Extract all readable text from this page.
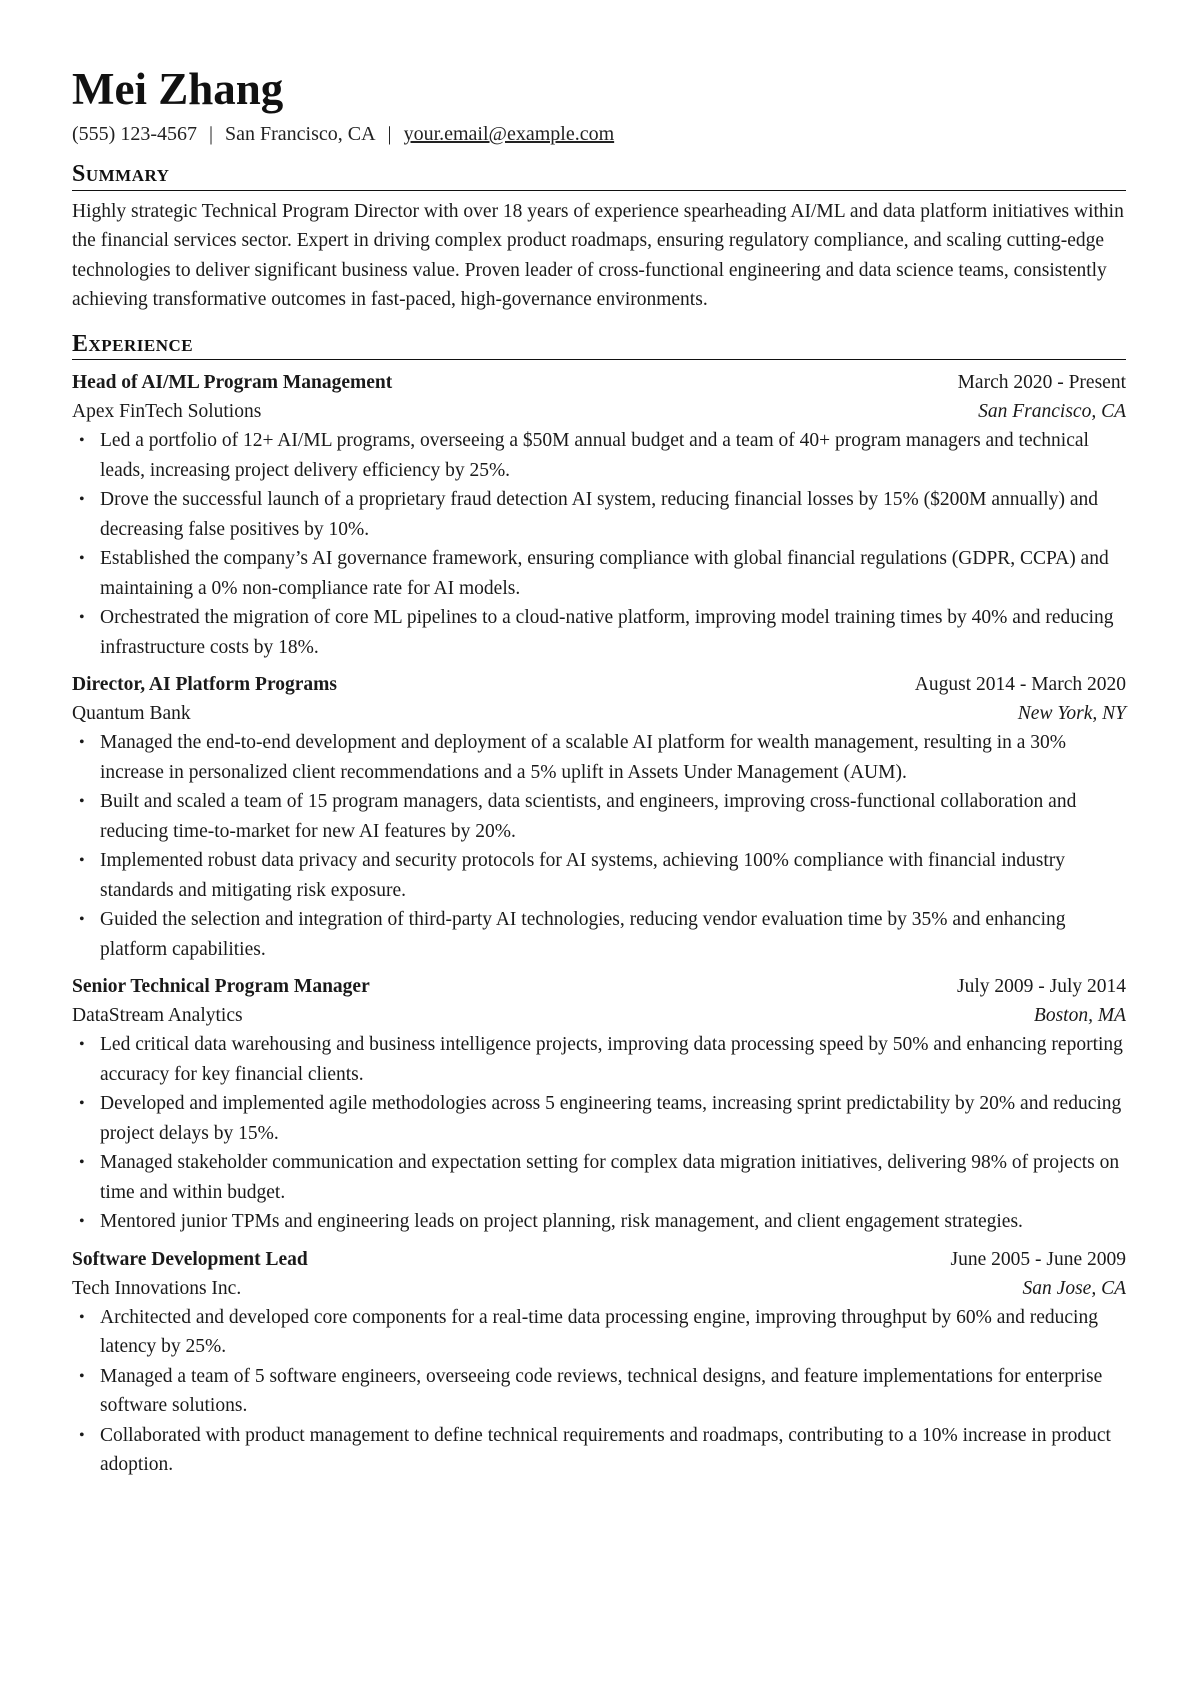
Mei Zhang
(555) 123-4567 | San Francisco, CA | your.email@example.com
Summary

Highly strategic Technical Program Director with over 18 years of experience spearheading AI/ML and data platform initiatives within the financial services sector. Expert in driving complex product roadmaps, ensuring regulatory compliance, and scaling cutting-edge technologies to deliver significant business value. Proven leader of cross-functional engineering and data science teams, consistently achieving transformative outcomes in fast-paced, high-governance environments.

Experience
Head of AI/ML Program Management	March 2020 - Present
Apex FinTech Solutions	San Francisco, CA
• Led a portfolio of 12+ AI/ML programs, overseeing a $50M annual budget and a team of 40+ program managers and technical leads, increasing project delivery efficiency by 25%.
• Drove the successful launch of a proprietary fraud detection AI system, reducing financial losses by 15% ($200M annually) and decreasing false positives by 10%.
• Established the company’s AI governance framework, ensuring compliance with global financial regulations (GDPR, CCPA) and maintaining a 0% non-compliance rate for AI models.
• Orchestrated the migration of core ML pipelines to a cloud-native platform, improving model training times by 40% and reducing infrastructure costs by 18%.
Director, AI Platform Programs	August 2014 - March 2020
Quantum Bank	New York, NY
• Managed the end-to-end development and deployment of a scalable AI platform for wealth management, resulting in a 30% increase in personalized client recommendations and a 5% uplift in Assets Under Management (AUM).
• Built and scaled a team of 15 program managers, data scientists, and engineers, improving cross-functional collaboration and reducing time-to-market for new AI features by 20%.
• Implemented robust data privacy and security protocols for AI systems, achieving 100% compliance with financial industry standards and mitigating risk exposure.
• Guided the selection and integration of third-party AI technologies, reducing vendor evaluation time by 35% and enhancing platform capabilities.
Senior Technical Program Manager	July 2009 - July 2014
DataStream Analytics	Boston, MA
• Led critical data warehousing and business intelligence projects, improving data processing speed by 50% and enhancing reporting accuracy for key financial clients.
• Developed and implemented agile methodologies across 5 engineering teams, increasing sprint predictability by 20% and reducing project delays by 15%.
• Managed stakeholder communication and expectation setting for complex data migration initiatives, delivering 98% of projects on time and within budget.
• Mentored junior TPMs and engineering leads on project planning, risk management, and client engagement strategies.
Software Development Lead	June 2005 - June 2009
Tech Innovations Inc.	San Jose, CA
• Architected and developed core components for a real-time data processing engine, improving throughput by 60% and reducing latency by 25%.
• Managed a team of 5 software engineers, overseeing code reviews, technical designs, and feature implementations for enterprise software solutions.
• Collaborated with product management to define technical requirements and roadmaps, contributing to a 10% increase in product adoption.
